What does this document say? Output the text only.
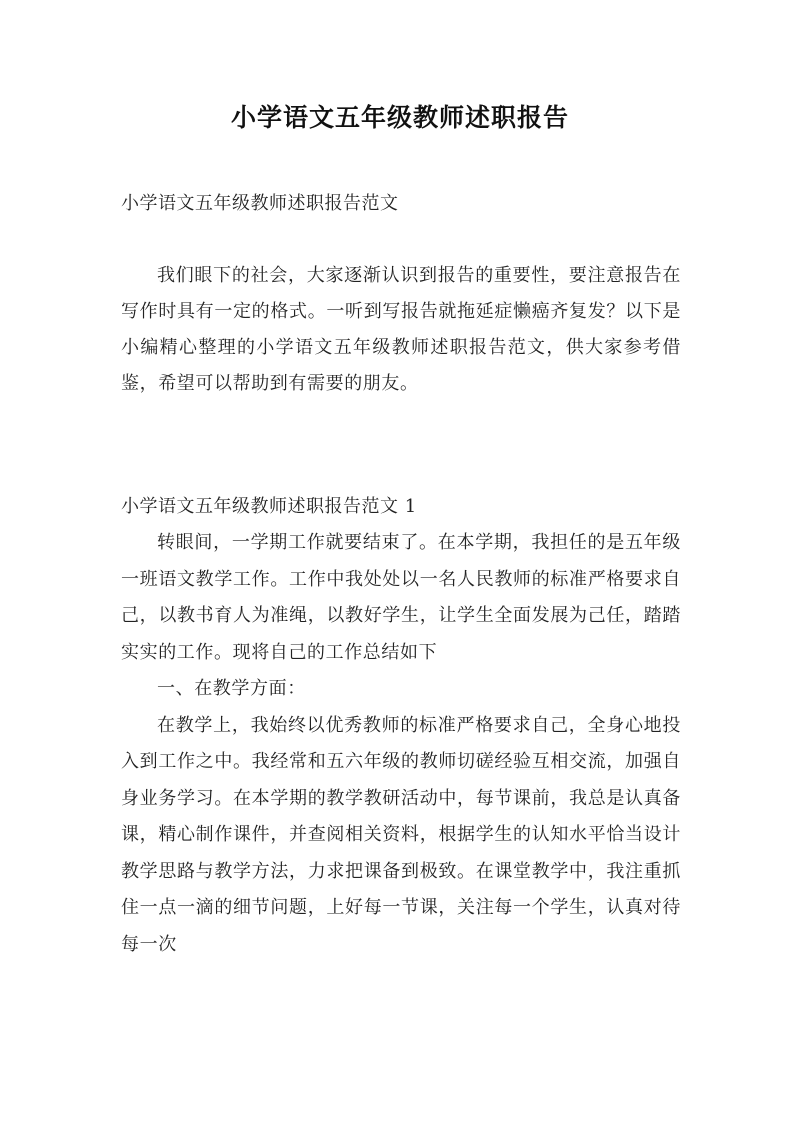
小学语文五年级教师述职报告
小学语文五年级教师述职报告范文

我们眼下的社会，大家逐渐认识到报告的重要性，要注意报告在写作时具有一定的格式。一听到写报告就拖延症懒癌齐复发？以下是小编精心整理的小学语文五年级教师述职报告范文，供大家参考借鉴，希望可以帮助到有需要的朋友。

小学语文五年级教师述职报告范文 1

转眼间，一学期工作就要结束了。在本学期，我担任的是五年级一班语文教学工作。工作中我处处以一名人民教师的标准严格要求自己，以教书育人为准绳，以教好学生，让学生全面发展为己任，踏踏实实的工作。现将自己的工作总结如下

一、在教学方面：

在教学上，我始终以优秀教师的标准严格要求自己，全身心地投入到工作之中。我经常和五六年级的教师切磋经验互相交流，加强自身业务学习。在本学期的教学教研活动中，每节课前，我总是认真备课，精心制作课件，并查阅相关资料，根据学生的认知水平恰当设计教学思路与教学方法，力求把课备到极致。在课堂教学中，我注重抓住一点一滴的细节问题，上好每一节课，关注每一个学生，认真对待每一次
